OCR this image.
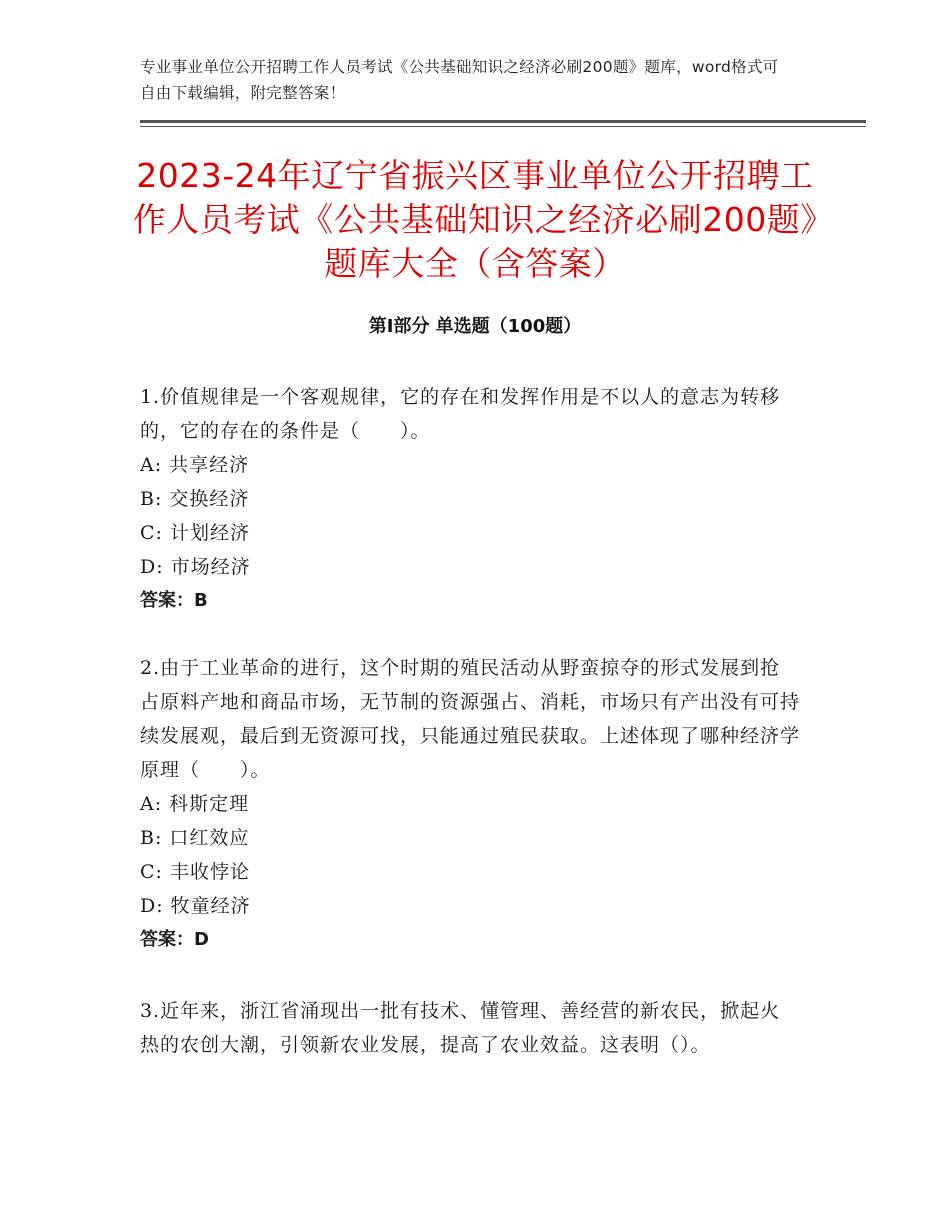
专业事业单位公开招聘工作人员考试《公共基础知识之经济必刷200题》题库，word格式可自由下载编辑，附完整答案！
2023-24年辽宁省振兴区事业单位公开招聘工作人员考试《公共基础知识之经济必刷200题》题库大全（含答案）
第Ⅰ部分 单选题（100题）

1.价值规律是一个客观规律，它的存在和发挥作用是不以人的意志为转移的，它的存在的条件是（　　）。

A: 共享经济

B: 交换经济

C: 计划经济

D: 市场经济

答案：B

2.由于工业革命的进行，这个时期的殖民活动从野蛮掠夺的形式发展到抢占原料产地和商品市场，无节制的资源强占、消耗，市场只有产出没有可持续发展观，最后到无资源可找，只能通过殖民获取。上述体现了哪种经济学原理（　　）。

A: 科斯定理

B: 口红效应

C: 丰收悖论

D: 牧童经济

答案：D

3.近年来，浙江省涌现出一批有技术、懂管理、善经营的新农民，掀起火热的农创大潮，引领新农业发展，提高了农业效益。这表明（）。
